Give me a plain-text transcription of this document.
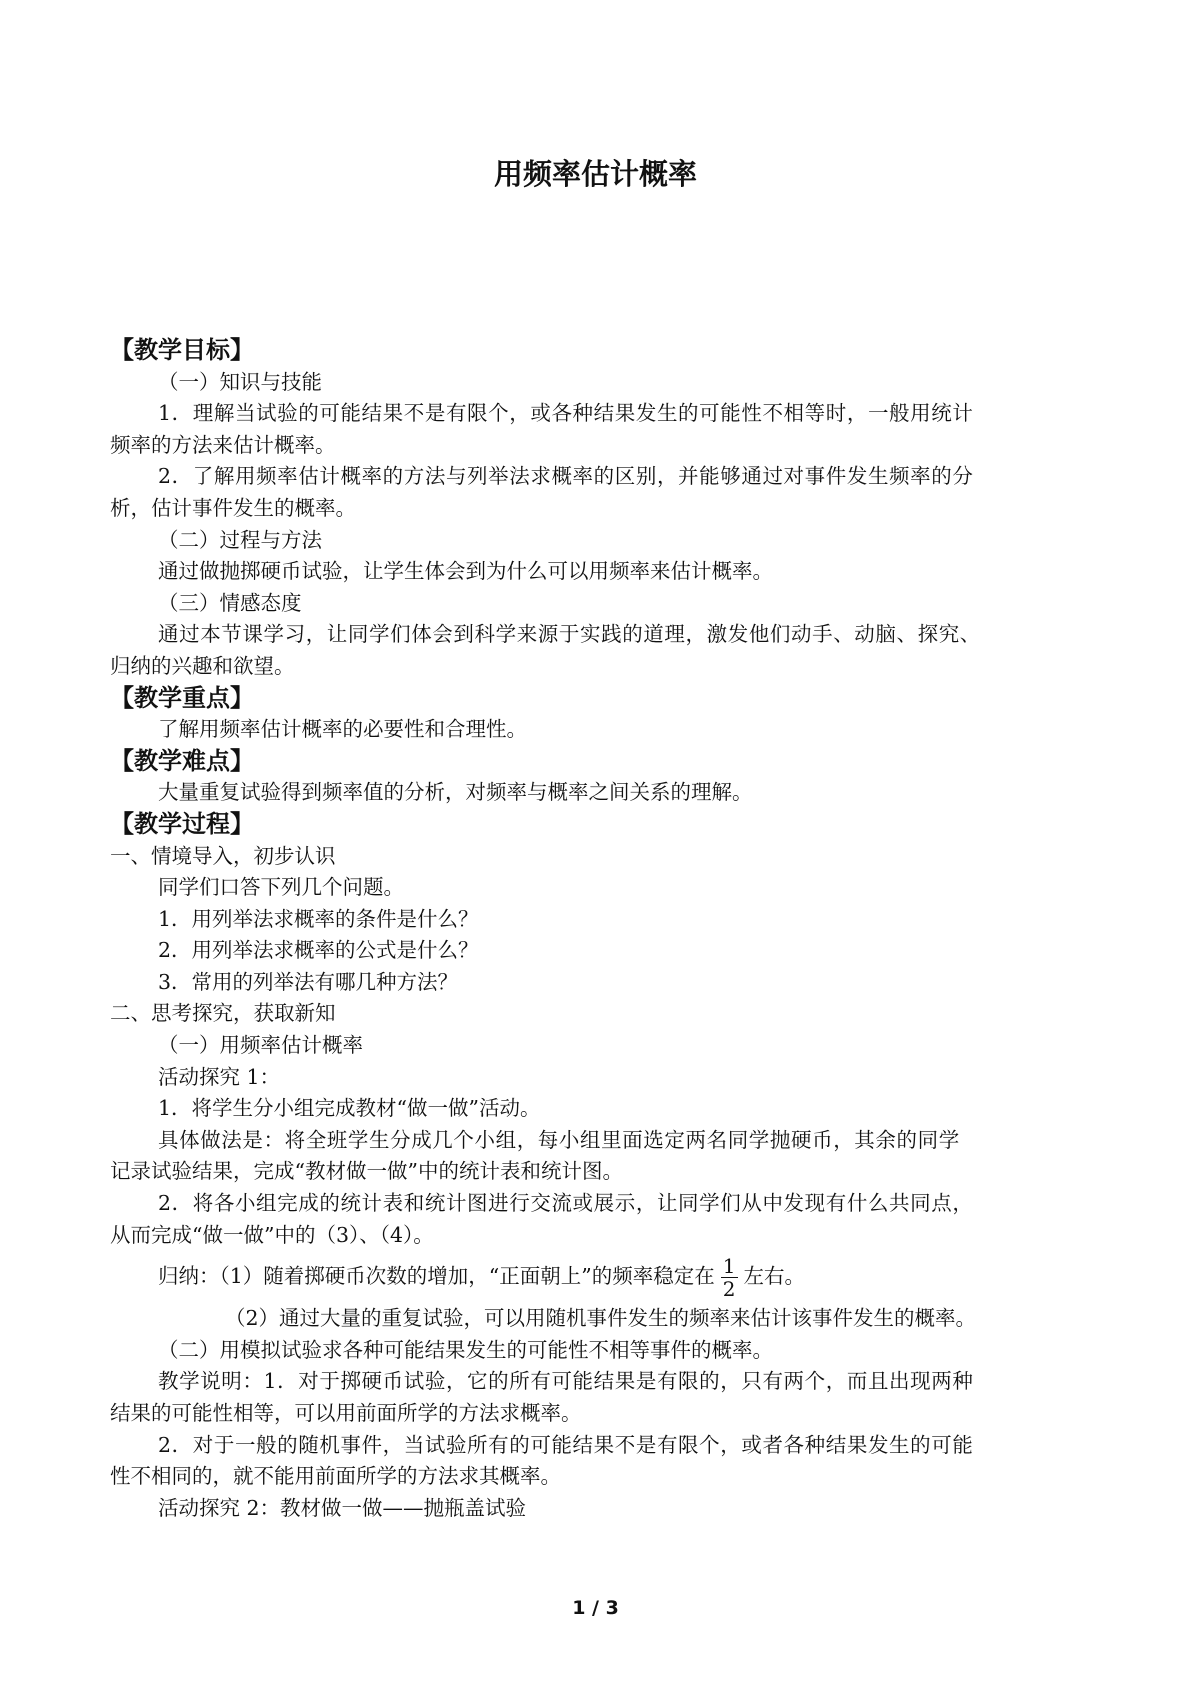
用频率估计概率
【教学目标】
（一）知识与技能
1．理解当试验的可能结果不是有限个，或各种结果发生的可能性不相等时，一般用统计
频率的方法来估计概率。
2．了解用频率估计概率的方法与列举法求概率的区别，并能够通过对事件发生频率的分
析，估计事件发生的概率。
（二）过程与方法
通过做抛掷硬币试验，让学生体会到为什么可以用频率来估计概率。
（三）情感态度
通过本节课学习，让同学们体会到科学来源于实践的道理，激发他们动手、动脑、探究、
归纳的兴趣和欲望。
【教学重点】
了解用频率估计概率的必要性和合理性。
【教学难点】
大量重复试验得到频率值的分析，对频率与概率之间关系的理解。
【教学过程】
一、情境导入，初步认识
同学们口答下列几个问题。
1．用列举法求概率的条件是什么？
2．用列举法求概率的公式是什么？
3．常用的列举法有哪几种方法？
二、思考探究，获取新知
（一）用频率估计概率
活动探究 1：
1．将学生分小组完成教材“做一做”活动。
具体做法是：将全班学生分成几个小组，每小组里面选定两名同学抛硬币，其余的同学
记录试验结果，完成“教材做一做”中的统计表和统计图。
2．将各小组完成的统计表和统计图进行交流或展示，让同学们从中发现有什么共同点，
从而完成“做一做”中的（3）、（4）。
归纳：（1）随着掷硬币次数的增加，“正面朝上”的频率稳定在 $\frac{1}{2}$ 左右。
（2）通过大量的重复试验，可以用随机事件发生的频率来估计该事件发生的概率。
（二）用模拟试验求各种可能结果发生的可能性不相等事件的概率。
教学说明：1．对于掷硬币试验，它的所有可能结果是有限的，只有两个，而且出现两种
结果的可能性相等，可以用前面所学的方法求概率。
2．对于一般的随机事件，当试验所有的可能结果不是有限个，或者各种结果发生的可能
性不相同的，就不能用前面所学的方法求其概率。
活动探究 2：教材做一做——抛瓶盖试验
1 / 3
